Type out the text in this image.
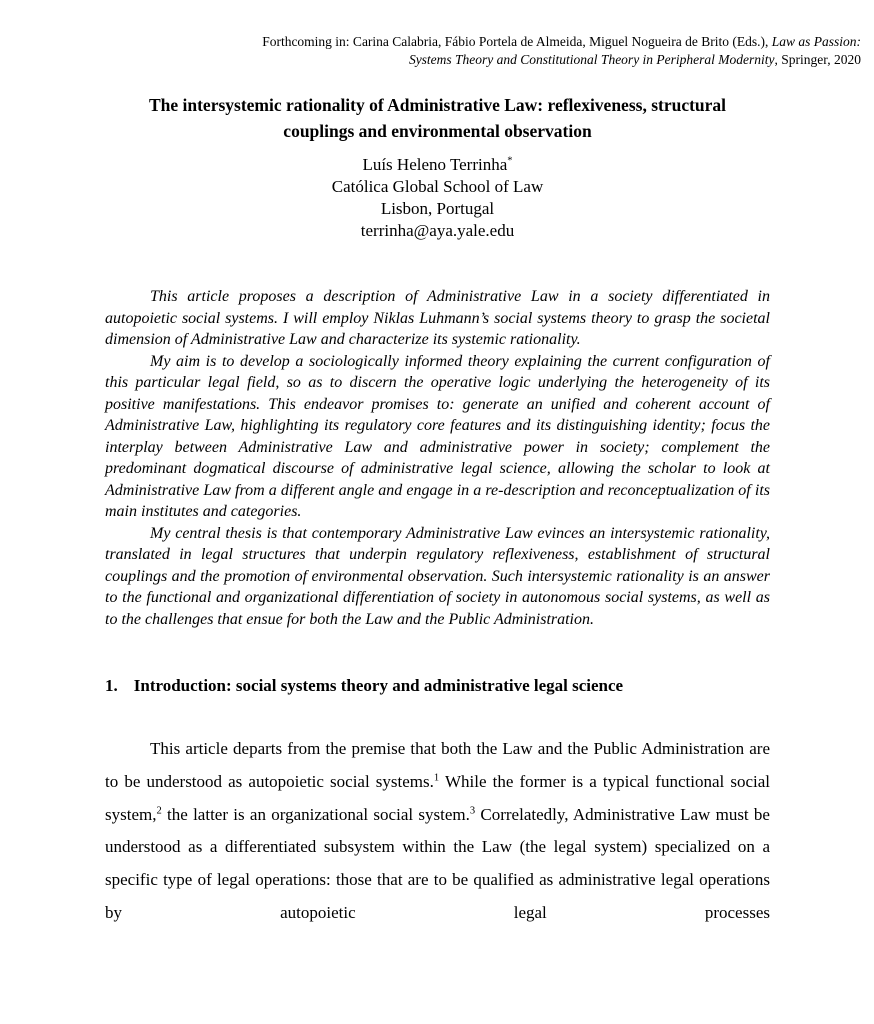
Forthcoming in: Carina Calabria, Fábio Portela de Almeida, Miguel Nogueira de Brito (Eds.), Law as Passion:
Systems Theory and Constitutional Theory in Peripheral Modernity, Springer, 2020
The intersystemic rationality of Administrative Law: reflexiveness, structural
couplings and environmental observation
Luís Heleno Terrinha*
Católica Global School of Law
Lisbon, Portugal
terrinha@aya.yale.edu

This article proposes a description of Administrative Law in a society differentiated in autopoietic social systems. I will employ Niklas Luhmann’s social systems theory to grasp the societal dimension of Administrative Law and characterize its systemic rationality.

My aim is to develop a sociologically informed theory explaining the current configuration of this particular legal field, so as to discern the operative logic underlying the heterogeneity of its positive manifestations. This endeavor promises to: generate an unified and coherent account of Administrative Law, highlighting its regulatory core features and its distinguishing identity; focus the interplay between Administrative Law and administrative power in society; complement the predominant dogmatical discourse of administrative legal science, allowing the scholar to look at Administrative Law from a different angle and engage in a re-description and reconceptualization of its main institutes and categories.

My central thesis is that contemporary Administrative Law evinces an intersystemic rationality, translated in legal structures that underpin regulatory reflexiveness, establishment of structural couplings and the promotion of environmental observation. Such intersystemic rationality is an answer to the functional and organizational differentiation of society in autonomous social systems, as well as to the challenges that ensue for both the Law and the Public Administration.

1. Introduction: social systems theory and administrative legal science
This article departs from the premise that both the Law and the Public Administration are to be understood as autopoietic social systems.$^1$ While the former is a typical functional social system,$^2$ the latter is an organizational social system.$^3$ Correlatedly, Administrative Law must be understood as a differentiated subsystem within the Law (the legal system) specialized on a specific type of legal operations: those that are to be qualified as administrative legal operations by autopoietic legal processes
